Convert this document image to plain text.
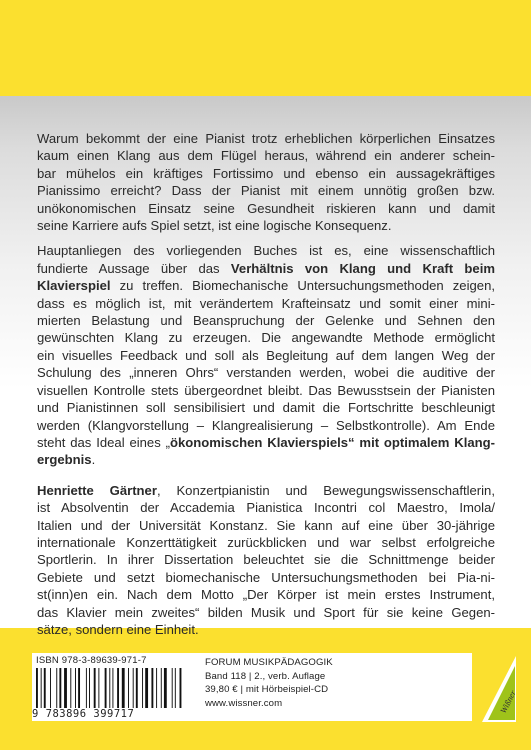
Warum bekommt der eine Pianist trotz erheblichen körperlichen Einsatzes
kaum einen Klang aus dem Flügel heraus, während ein anderer schein-
bar mühelos ein kräftiges Fortissimo und ebenso ein aussagekräftiges
Pianissimo erreicht? Dass der Pianist mit einem unnötig großen bzw.
unökonomischen Einsatz seine Gesundheit riskieren kann und damit
seine Karriere aufs Spiel setzt, ist eine logische Konsequenz.

Hauptanliegen des vorliegenden Buches ist es, eine wissenschaftlich
fundierte Aussage über das Verhältnis von Klang und Kraft beim
Klavierspiel zu treffen. Biomechanische Untersuchungsmethoden zeigen,
dass es möglich ist, mit verändertem Krafteinsatz und somit einer mini-
mierten Belastung und Beanspruchung der Gelenke und Sehnen den
gewünschten Klang zu erzeugen. Die angewandte Methode ermöglicht
ein visuelles Feedback und soll als Begleitung auf dem langen Weg der
Schulung des „inneren Ohrs“ verstanden werden, wobei die auditive der
visuellen Kontrolle stets übergeordnet bleibt. Das Bewusstsein der Pianisten
und Pianistinnen soll sensibilisiert und damit die Fortschritte beschleunigt
werden (Klangvorstellung – Klangrealisierung – Selbstkontrolle). Am Ende
steht das Ideal eines „ökonomischen Klavierspiels“ mit optimalem Klang-
ergebnis.

Henriette Gärtner, Konzertpianistin und Bewegungswissenschaftlerin,
ist Absolventin der Accademia Pianistica Incontri col Maestro, Imola/
Italien und der Universität Konstanz. Sie kann auf eine über 30-jährige
internationale Konzerttätigkeit zurückblicken und war selbst erfolgreiche
Sportlerin. In ihrer Dissertation beleuchtet sie die Schnittmenge beider
Gebiete und setzt biomechanische Untersuchungsmethoden bei Pia-ni-
st(inn)en ein. Nach dem Motto „Der Körper ist mein erstes Instrument,
das Klavier mein zweites“ bilden Musik und Sport für sie keine Gegen-
sätze, sondern eine Einheit.

ISBN 978-3-89639-971-7
9 783896 399717
FORUM MUSIKPÄDAGOGIK
Band 118 | 2., verb. Auflage
39,80 € | mit Hörbeispiel-CD
www.wissner.com	Wißner
